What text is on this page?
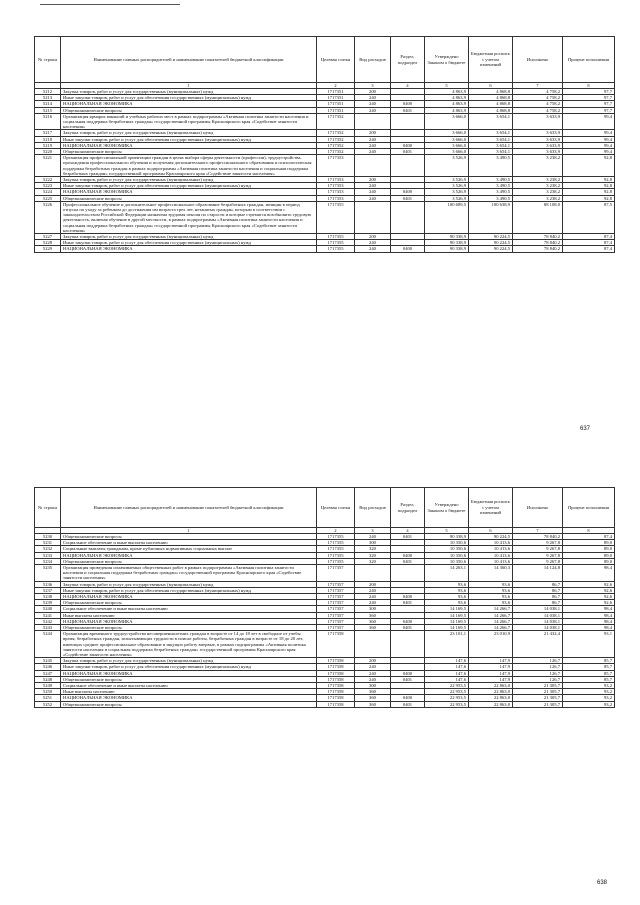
№ строки	Наименование главных распорядителей и наименование показателей бюджетной классификации	Целевая статья	Вид расходов	Раздел, подраздел	Утверждено Законом о бюджете	Бюджетная роспись с учетом изменений	Исполнено	Процент исполнения
	1	2	3	4	5	6	7	8
5212	Закупка товаров, работ и услуг для государственных (муниципальных) нужд	1717351	200		4 863,9	4 868,8	4 758,2	97,7
5213	Иные закупки товаров, работ и услуг для обеспечения государственных (муниципальных) нужд	1717351	240		4 863,9	4 868,8	4 758,2	97,7
5214	НАЦИОНАЛЬНАЯ ЭКОНОМИКА	1717351	240	0400	4 863,9	4 868,8	4 758,2	97,7
5215	Общеэкономические вопросы	1717351	240	0401	4 863,9	4 868,8	4 758,2	97,7
5216	Организация ярмарок вакансий и учебных рабочих мест в рамках подпрограммы «Активная политика занятости населения и социальная поддержка безработных граждан» государственной программы Красноярского края «Содействие занятости населения»	1717352			3 666,0	3 654,1	3 633,9	99,4
5217	Закупка товаров, работ и услуг для государственных (муниципальных) нужд	1717352	200		3 666,0	3 654,1	3 633,9	99,4
5218	Иные закупки товаров, работ и услуг для обеспечения государственных (муниципальных) нужд	1717352	240		3 666,0	3 654,1	3 633,9	99,4
5219	НАЦИОНАЛЬНАЯ ЭКОНОМИКА	1717352	240	0400	3 666,0	3 654,1	3 633,9	99,4
5220	Общеэкономические вопросы	1717352	240	0401	3 666,0	3 654,1	3 633,9	99,4
5221	Организация профессиональной ориентации граждан в целях выбора сферы деятельности (профессии), трудоустройства, прохождения профессионального обучения и получения дополнительного профессионального образования и психологическая поддержка безработных граждан в рамках подпрограммы «Активная политика занятости населения и социальная поддержка безработных граждан» государственной программы Красноярского края «Содействие занятости населения»	1717353			3 526,9	3 490,5	3 238,2	92,8
5222	Закупка товаров, работ и услуг для государственных (муниципальных) нужд	1717353	200		3 526,9	3 490,5	3 238,2	92,8
5223	Иные закупки товаров, работ и услуг для обеспечения государственных (муниципальных) нужд	1717353	240		3 526,9	3 490,5	3 238,2	92,8
5224	НАЦИОНАЛЬНАЯ ЭКОНОМИКА	1717353	240	0400	3 526,9	3 490,5	3 238,2	92,8
5225	Общеэкономические вопросы	1717353	240	0401	3 526,9	3 490,5	3 238,2	92,8
5226	Профессиональное обучение и дополнительное профессиональное образование безработных граждан, женщин в период отпуска по уходу за ребенком до достижения им возраста трех лет, незанятых граждан, которым в соответствии с законодательством Российской Федерации назначена трудовая пенсия по старости и которые стремятся возобновить трудовую деятельность, включая обучение в другой местности, в рамках подпрограммы «Активная политика занятости населения и социальная поддержка безработных граждан» государственной программы Красноярского края «Содействие занятости населения»	1717355			100 689,5	100 638,9	88 108,0	87,5
5227	Закупка товаров, работ и услуг для государственных (муниципальных) нужд	1717355	200		90 338,9	90 224,5	78 840,2	87,4
5228	Иные закупки товаров, работ и услуг для обеспечения государственных (муниципальных) нужд	1717355	240		90 338,9	90 224,5	78 840,2	87,4
5229	НАЦИОНАЛЬНАЯ ЭКОНОМИКА	1717355	240	0400	90 338,9	90 224,5	78 840,2	87,4
637
№ строки	Наименование главных распорядителей и наименование показателей бюджетной классификации	Целевая статья	Вид расходов	Раздел, подраздел	Утверждено Законом о бюджете	Бюджетная роспись с учетом изменений	Исполнено	Процент исполнения
	1	2	3	4	5	6	7	8
5230	Общеэкономические вопросы	1717355	240	0401	90 338,9	90 224,5	78 840,2	87,4
5231	Социальное обеспечение и иные выплаты населению	1717355	300		10 350,6	10 413,6	9 267,8	89,0
5232	Социальные выплаты гражданам, кроме публичных нормативных социальных выплат	1717355	320		10 350,6	10 413,6	9 267,8	89,0
5233	НАЦИОНАЛЬНАЯ ЭКОНОМИКА	1717355	320	0400	10 350,6	10 413,6	9 267,8	89,0
5234	Общеэкономические вопросы	1717355	320	0401	10 350,6	10 413,6	9 267,8	89,0
5235	Организация проведения оплачиваемых общественных работ в рамках подпрограммы «Активная политика занятости населения и социальная поддержка безработных граждан» государственной программы Красноярского края «Содействие занятости населения»	1717357			14 263,1	14 360,3	14 124,8	98,4
5236	Закупка товаров, работ и услуг для государственных (муниципальных) нужд	1717357	200		93,6	93,6	86,7	92,6
5237	Иные закупки товаров, работ и услуг для обеспечения государственных (муниципальных) нужд	1717357	240		93,6	93,6	86,7	92,6
5238	НАЦИОНАЛЬНАЯ ЭКОНОМИКА	1717357	240	0400	93,6	93,6	86,7	92,6
5239	Общеэкономические вопросы	1717357	240	0401	93,6	93,6	86,7	92,6
5240	Социальное обеспечение и иные выплаты населению	1717357	300		14 169,5	14 266,7	14 038,1	98,4
5241	Иные выплаты населению	1717357	360		14 169,5	14 266,7	14 038,1	98,4
5242	НАЦИОНАЛЬНАЯ ЭКОНОМИКА	1717357	360	0400	14 169,5	14 266,7	14 038,1	98,4
5243	Общеэкономические вопросы	1717357	360	0401	14 169,5	14 266,7	14 038,1	98,4
5244	Организация временного трудоустройства несовершеннолетних граждан в возрасте от 14 до 18 лет в свободное от учебы время, безработных граждан, испытывающих трудности в поиске работы, безработных граждан в возрасте от 18 до 20 лет, имеющих среднее профессиональное образование и ищущих работу впервые, в рамках подпрограммы «Активная политика занятости населения и социальная поддержка безработных граждан» государственной программы Красноярского края «Содействие занятости населения»	1717358			23 101,1	23 010,9	21 432,4	93,1
5245	Закупка товаров, работ и услуг для государственных (муниципальных) нужд	1717358	200		147,6	147,9	126,7	85,7
5246	Иные закупки товаров, работ и услуг для обеспечения государственных (муниципальных) нужд	1717358	240		147,6	147,9	126,7	85,7
5247	НАЦИОНАЛЬНАЯ ЭКОНОМИКА	1717358	240	0400	147,6	147,9	126,7	85,7
5248	Общеэкономические вопросы	1717358	240	0401	147,6	147,9	126,7	85,7
5249	Социальное обеспечение и иные выплаты населению	1717358	300		22 953,5	22 863,0	21 305,7	93,2
5250	Иные выплаты населению	1717358	360		22 953,5	22 863,0	21 305,7	93,2
5251	НАЦИОНАЛЬНАЯ ЭКОНОМИКА	1717358	360	0400	22 953,5	22 863,0	21 305,7	93,2
5252	Общеэкономические вопросы	1717358	360	0401	22 953,5	22 863,0	21 305,7	93,2
638
